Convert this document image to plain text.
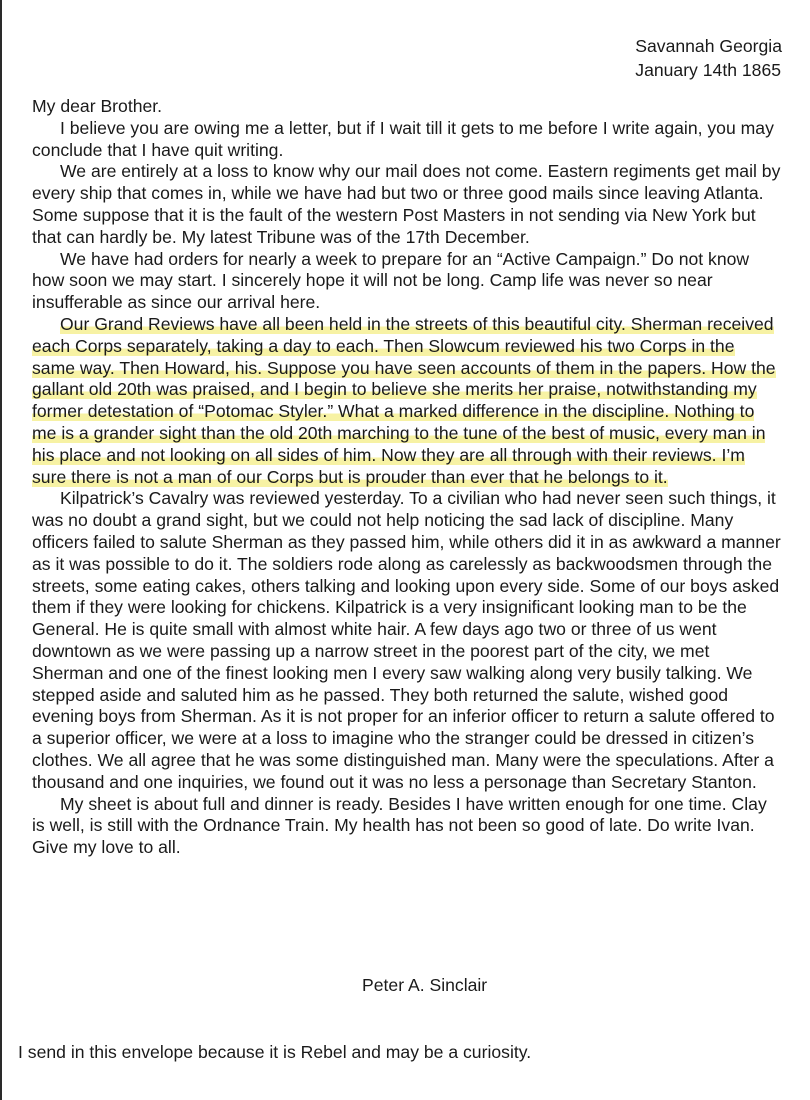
Savannah Georgia
January 14th 1865

My dear Brother.

I believe you are owing me a letter, but if I wait till it gets to me before I write again, you may conclude that I have quit writing.

We are entirely at a loss to know why our mail does not come. Eastern regiments get mail by every ship that comes in, while we have had but two or three good mails since leaving Atlanta. Some suppose that it is the fault of the western Post Masters in not sending via New York but that can hardly be. My latest Tribune was of the 17th December.

We have had orders for nearly a week to prepare for an “Active Campaign.” Do not know how soon we may start. I sincerely hope it will not be long. Camp life was never so near insufferable as since our arrival here.

Our Grand Reviews have all been held in the streets of this beautiful city. Sherman received each Corps separately, taking a day to each. Then Slowcum reviewed his two Corps in the same way. Then Howard, his. Suppose you have seen accounts of them in the papers. How the gallant old 20th was praised, and I begin to believe she merits her praise, notwithstanding my former detestation of “Potomac Styler.” What a marked difference in the discipline. Nothing to me is a grander sight than the old 20th marching to the tune of the best of music, every man in his place and not looking on all sides of him. Now they are all through with their reviews. I’m sure there is not a man of our Corps but is prouder than ever that he belongs to it.

Kilpatrick’s Cavalry was reviewed yesterday. To a civilian who had never seen such things, it was no doubt a grand sight, but we could not help noticing the sad lack of discipline. Many officers failed to salute Sherman as they passed him, while others did it in as awkward a manner as it was possible to do it. The soldiers rode along as carelessly as backwoodsmen through the streets, some eating cakes, others talking and looking upon every side. Some of our boys asked them if they were looking for chickens. Kilpatrick is a very insignificant looking man to be the General. He is quite small with almost white hair. A few days ago two or three of us went downtown as we were passing up a narrow street in the poorest part of the city, we met Sherman and one of the finest looking men I every saw walking along very busily talking. We stepped aside and saluted him as he passed. They both returned the salute, wished good evening boys from Sherman. As it is not proper for an inferior officer to return a salute offered to a superior officer, we were at a loss to imagine who the stranger could be dressed in citizen’s clothes. We all agree that he was some distinguished man. Many were the speculations. After a thousand and one inquiries, we found out it was no less a personage than Secretary Stanton.

My sheet is about full and dinner is ready. Besides I have written enough for one time. Clay is well, is still with the Ordnance Train. My health has not been so good of late. Do write Ivan. Give my love to all.

Peter A. Sinclair
I send in this envelope because it is Rebel and may be a curiosity.
